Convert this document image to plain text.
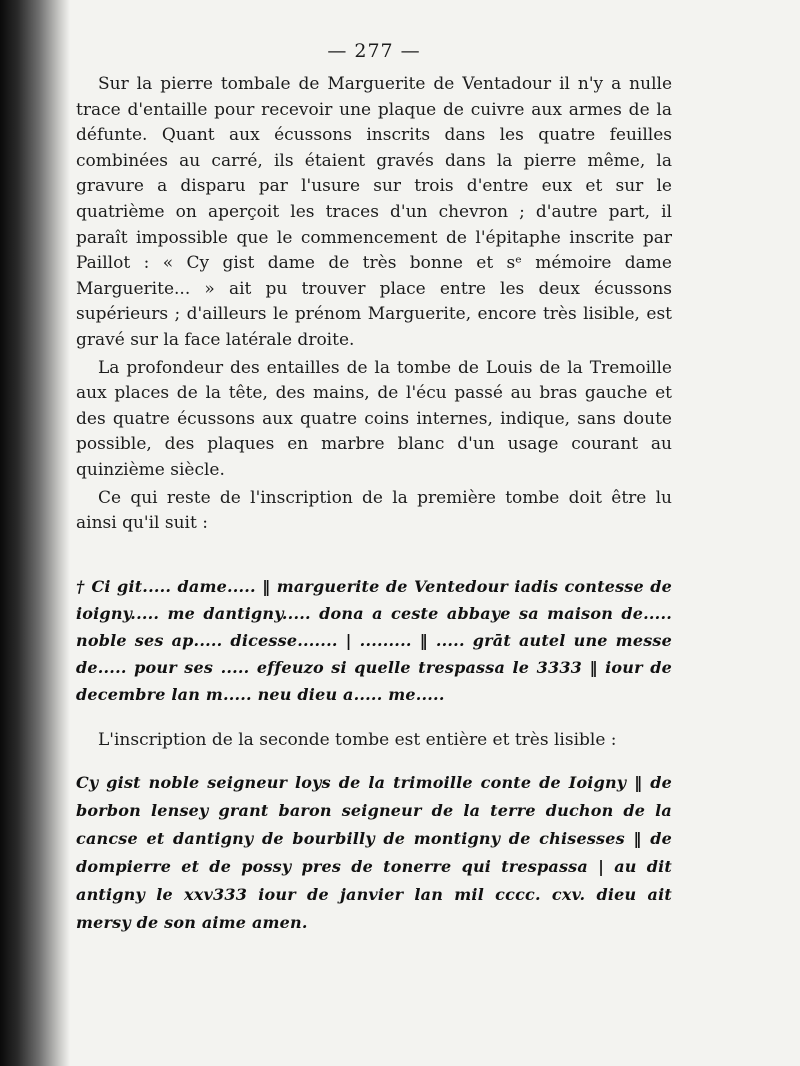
— 277 —

Sur la pierre tombale de Marguerite de Ventadour il n'y a nulle trace d'entaille pour recevoir une plaque de cuivre aux armes de la défunte. Quant aux écussons inscrits dans les quatre feuilles combinées au carré, ils étaient gravés dans la pierre même, la gravure a disparu par l'usure sur trois d'entre eux et sur le quatrième on aperçoit les traces d'un chevron ; d'autre part, il paraît impossible que le commencement de l'épitaphe inscrite par Paillot : « Cy gist dame de très bonne et sᵉ mémoire dame Marguerite... » ait pu trouver place entre les deux écussons supérieurs ; d'ailleurs le prénom Marguerite, encore très lisible, est gravé sur la face latérale droite.

La profondeur des entailles de la tombe de Louis de la Tremoille aux places de la tête, des mains, de l'écu passé au bras gauche et des quatre écussons aux quatre coins internes, indique, sans doute possible, des plaques en marbre blanc d'un usage courant au quinzième siècle.

Ce qui reste de l'inscription de la première tombe doit être lu ainsi qu'il suit :

† Ci git..... dame..... ‖ marguerite de Ventedour iadis contesse de ioigny..... me dantigny..... dona a ceste abbaye sa maison de..... noble ses ap..... dicesse....... | ......... ‖ ..... grāt autel une messe de..... pour ses ..... effeuzo si quelle trespassa le 3333 ‖ iour de decembre lan m..... neu dieu a..... me.....

L'inscription de la seconde tombe est entière et très lisible :

Cy gist noble seigneur loys de la trimoille conte de Ioigny ‖ de borbon lensey grant baron seigneur de la terre duchon de la cancse et dantigny de bourbilly de montigny de chisesses ‖ de dompierre et de possy pres de tonerre qui trespassa | au dit antigny le xxv333 iour de janvier lan mil cccc. cxv. dieu ait mersy de son aime amen.
